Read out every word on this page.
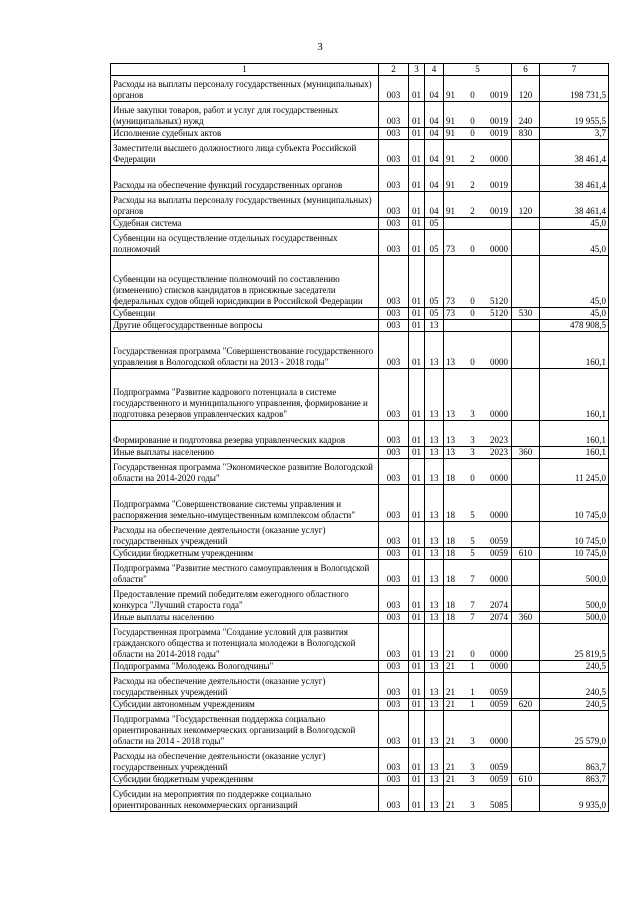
3
1	2	3	4	5	6	7
Расходы на выплаты персоналу государственных (муниципальных) органов	003	01	04	91 0 0019	120	198 731,5
Иные закупки товаров, работ и услуг для государственных (муниципальных) нужд	003	01	04	91 0 0019	240	19 955,5
Исполнение судебных актов	003	01	04	91 0 0019	830	3,7
Заместители высшего должностного лица субъекта Российской Федерации	003	01	04	91 2 0000		38 461,4
Расходы на обеспечение функций государственных органов	003	01	04	91 2 0019		38 461,4
Расходы на выплаты персоналу государственных (муниципальных) органов	003	01	04	91 2 0019	120	38 461,4
Судебная система	003	01	05			45,0
Субвенции на осуществление отдельных государственных полномочий	003	01	05	73 0 0000		45,0
Субвенции на осуществление полномочий по составлению (изменению) списков кандидатов в присяжные заседатели федеральных судов общей юрисдикции в Российской Федерации	003	01	05	73 0 5120		45,0
Субвенции	003	01	05	73 0 5120	530	45,0
Другие общегосударственные вопросы	003	01	13			478 908,5
Государственная программа "Совершенствование государственного управления в Вологодской области на 2013 - 2018 годы"	003	01	13	13 0 0000		160,1
Подпрограмма "Развитие кадрового потенциала в системе государственного и муниципального управления, формирование и подготовка резервов управленческих кадров"	003	01	13	13 3 0000		160,1
Формирование и подготовка резерва управленческих кадров	003	01	13	13 3 2023		160,1
Иные выплаты населению	003	01	13	13 3 2023	360	160,1
Государственная программа "Экономическое развитие Вологодской области на 2014-2020 годы"	003	01	13	18 0 0000		11 245,0
Подпрограмма "Совершенствование системы управления и распоряжения земельно-имущественным комплексом области"	003	01	13	18 5 0000		10 745,0
Расходы на обеспечение деятельности (оказание услуг) государственных учреждений	003	01	13	18 5 0059		10 745,0
Субсидии бюджетным учреждениям	003	01	13	18 5 0059	610	10 745,0
Подпрограмма "Развитие местного самоуправления в Вологодской области"	003	01	13	18 7 0000		500,0
Предоставление премий победителям ежегодного областного конкурса "Лучший староста года"	003	01	13	18 7 2074		500,0
Иные выплаты населению	003	01	13	18 7 2074	360	500,0
Государственная программа "Создание условий для развития гражданского общества и потенциала молодежи в Вологодской области на 2014-2018 годы"	003	01	13	21 0 0000		25 819,5
Подпрограмма "Молодежь Вологодчины"	003	01	13	21 1 0000		240,5
Расходы на обеспечение деятельности (оказание услуг) государственных учреждений	003	01	13	21 1 0059		240,5
Субсидии автономным учреждениям	003	01	13	21 1 0059	620	240,5
Подпрограмма "Государственная поддержка социально ориентированных некоммерческих организаций в Вологодской области на 2014 - 2018 годы"	003	01	13	21 3 0000		25 579,0
Расходы на обеспечение деятельности (оказание услуг) государственных учреждений	003	01	13	21 3 0059		863,7
Субсидии бюджетным учреждениям	003	01	13	21 3 0059	610	863,7
Субсидии на мероприятия по поддержке социально ориентированных некоммерческих организаций	003	01	13	21 3 5085		9 935,0
